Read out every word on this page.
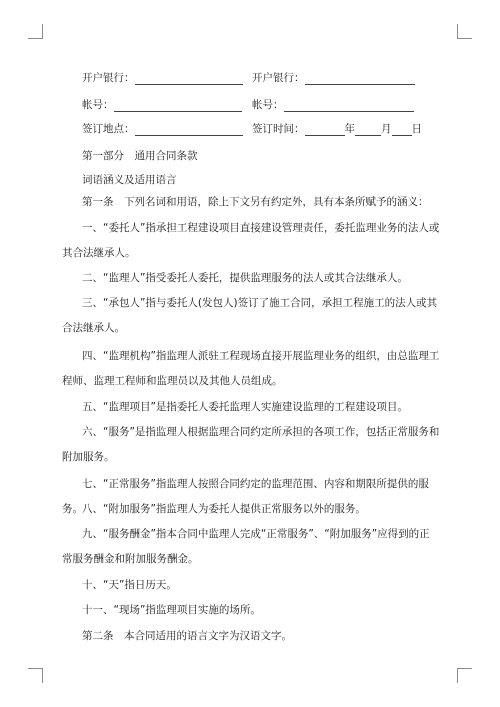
开户银行：	开户银行：
帐号：	帐号：
签订地点：	签订时间：	年 月 日
第一部分　通用合同条款
词语涵义及适用语言

第一条　下列名词和用语，除上下文另有约定外，具有本条所赋予的涵义：

一、“委托人”指承担工程建设项目直接建设管理责任，委托监理业务的法人或其合法继承人。

二、“监理人”指受委托人委托，提供监理服务的法人或其合法继承人。

三、“承包人”指与委托人(发包人)签订了施工合同，承担工程施工的法人或其合法继承人。

四、“监理机构”指监理人派驻工程现场直接开展监理业务的组织，由总监理工程师、监理工程师和监理员以及其他人员组成。

五、“监理项目”是指委托人委托监理人实施建设监理的工程建设项目。

六、“服务”是指监理人根据监理合同约定所承担的各项工作，包括正常服务和附加服务。

七、“正常服务”指监理人按照合同约定的监理范围、内容和期限所提供的服务。 八、“附加服务”指监理人为委托人提供正常服务以外的服务。

九、“服务酬金”指本合同中监理人完成“正常服务”、“附加服务”应得到的正常服务酬金和附加服务酬金。

十、“天”指日历天。

十一、“现场”指监理项目实施的场所。

第二条　本合同适用的语言文字为汉语文字。
